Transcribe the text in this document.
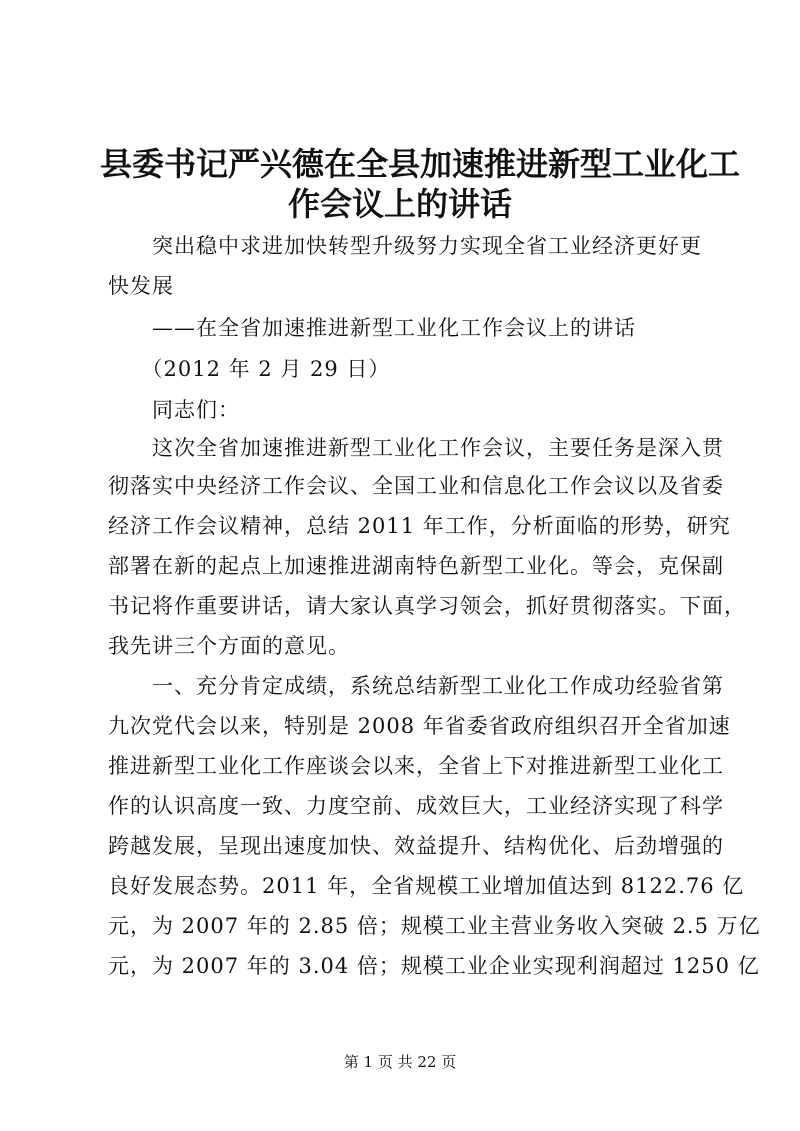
县委书记严兴德在全县加速推进新型工业化工
作会议上的讲话
　　突出稳中求进加快转型升级努力实现全省工业经济更好更
快发展
　　——在全省加速推进新型工业化工作会议上的讲话
　　（2012 年 2 月 29 日）
　　同志们：
　　这次全省加速推进新型工业化工作会议，主要任务是深入贯
彻落实中央经济工作会议、全国工业和信息化工作会议以及省委
经济工作会议精神，总结 2011 年工作，分析面临的形势，研究
部署在新的起点上加速推进湖南特色新型工业化。等会，克保副
书记将作重要讲话，请大家认真学习领会，抓好贯彻落实。下面，
我先讲三个方面的意见。
　　一、充分肯定成绩，系统总结新型工业化工作成功经验省第
九次党代会以来，特别是 2008 年省委省政府组织召开全省加速
推进新型工业化工作座谈会以来，全省上下对推进新型工业化工
作的认识高度一致、力度空前、成效巨大，工业经济实现了科学
跨越发展，呈现出速度加快、效益提升、结构优化、后劲增强的
良好发展态势。2011 年，全省规模工业增加值达到 8122.76 亿
元，为 2007 年的 2.85 倍；规模工业主营业务收入突破 2.5 万亿
元，为 2007 年的 3.04 倍；规模工业企业实现利润超过 1250 亿
第 1 页 共 22 页
